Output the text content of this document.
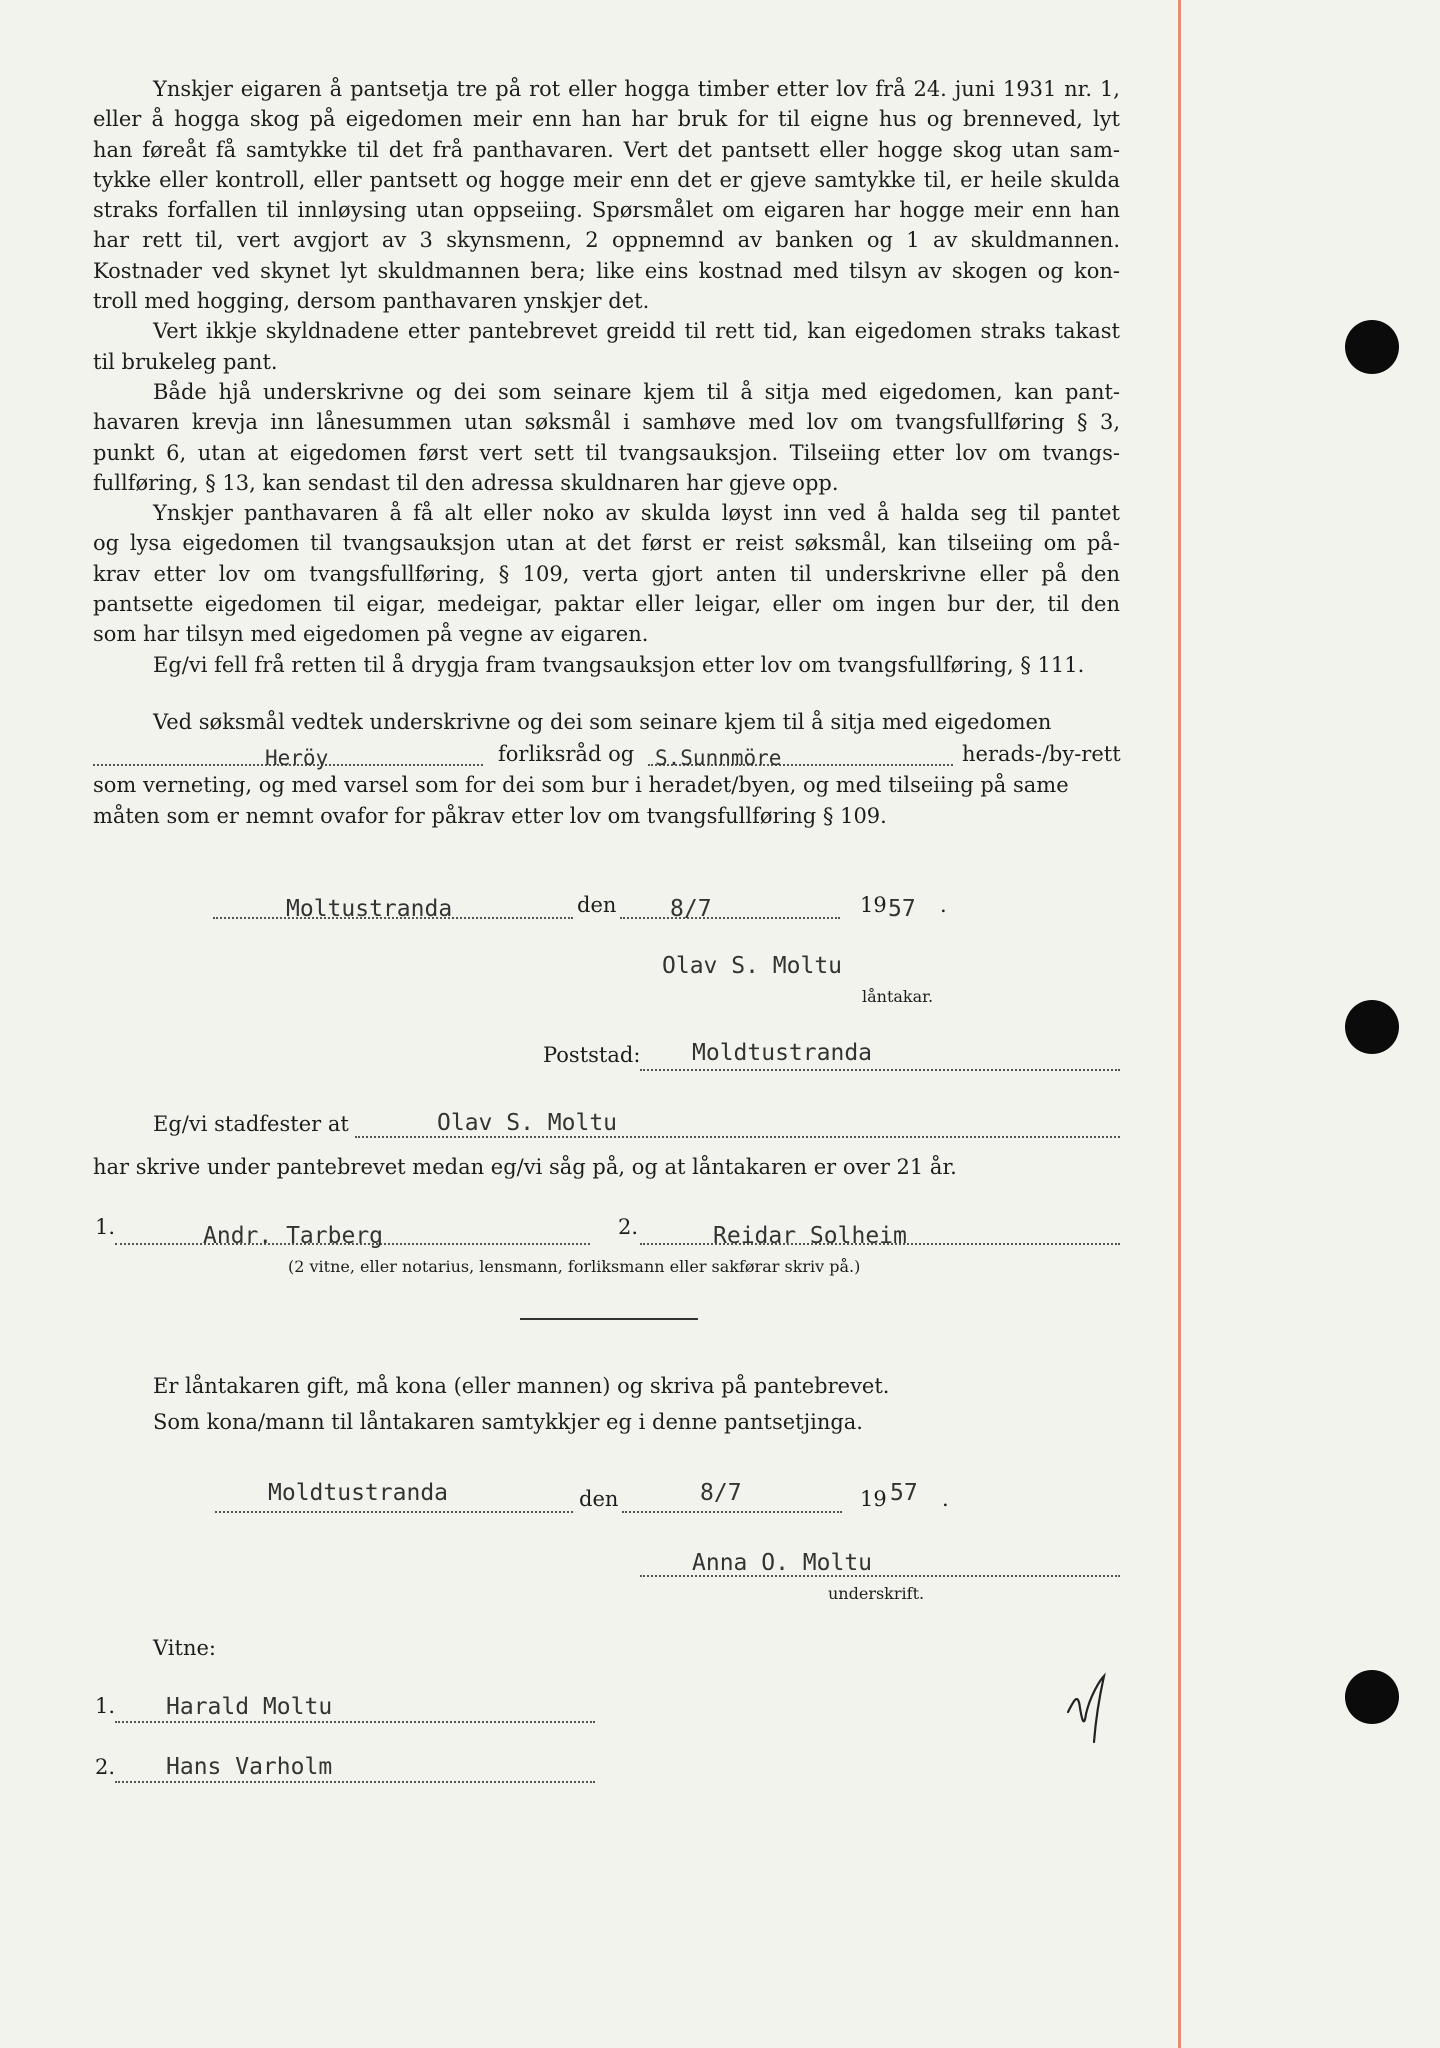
Ynskjer eigaren å pantsetja tre på rot eller hogga timber etter lov frå 24. juni 1931 nr. 1,

eller å hogga skog på eigedomen meir enn han har bruk for til eigne hus og brenneved, lyt

han føreåt få samtykke til det frå panthavaren. Vert det pantsett eller hogge skog utan sam-

tykke eller kontroll, eller pantsett og hogge meir enn det er gjeve samtykke til, er heile skulda

straks forfallen til innløysing utan oppseiing. Spørsmålet om eigaren har hogge meir enn han

har rett til, vert avgjort av 3 skynsmenn, 2 oppnemnd av banken og 1 av skuldmannen.

Kostnader ved skynet lyt skuldmannen bera; like eins kostnad med tilsyn av skogen og kon-

troll med hogging, dersom panthavaren ynskjer det.

Vert ikkje skyldnadene etter pantebrevet greidd til rett tid, kan eigedomen straks takast

til brukeleg pant.

Både hjå underskrivne og dei som seinare kjem til å sitja med eigedomen, kan pant-

havaren krevja inn lånesummen utan søksmål i samhøve med lov om tvangsfullføring § 3,

punkt 6, utan at eigedomen først vert sett til tvangsauksjon. Tilseiing etter lov om tvangs-

fullføring, § 13, kan sendast til den adressa skuldnaren har gjeve opp.

Ynskjer panthavaren å få alt eller noko av skulda løyst inn ved å halda seg til pantet

og lysa eigedomen til tvangsauksjon utan at det først er reist søksmål, kan tilseiing om på-

krav etter lov om tvangsfullføring, § 109, verta gjort anten til underskrivne eller på den

pantsette eigedomen til eigar, medeigar, paktar eller leigar, eller om ingen bur der, til den

som har tilsyn med eigedomen på vegne av eigaren.

Eg/vi fell frå retten til å drygja fram tvangsauksjon etter lov om tvangsfullføring, § 111.

Ved søksmål vedtek underskrivne og dei som seinare kjem til å sitja med eigedomen
Heröy	forliksråd og S.Sunnmöre	herads-/by-rett
som verneting, og med varsel som for dei som bur i heradet/byen, og med tilseiing på same
måten som er nemnt ovafor for påkrav etter lov om tvangsfullføring § 109.
Moltustranda	den 8/7	19 57 .
Olav S. Moltu
låntakar.
Poststad: Moldtustranda
Eg/vi stadfester at	Olav S. Moltu
har skrive under pantebrevet medan eg/vi såg på, og at låntakaren er over 21 år.
1.	Andr. Tarberg	2.	Reidar Solheim
(2 vitne, eller notarius, lensmann, forliksmann eller sakførar skriv på.)
Er låntakaren gift, må kona (eller mannen) og skriva på pantebrevet.
Som kona/mann til låntakaren samtykkjer eg i denne pantsetjinga.
Moldtustranda	den	8/7	19 57 .
Anna O. Moltu
underskrift.
Vitne:
1. Harald Moltu
2. Hans Varholm
